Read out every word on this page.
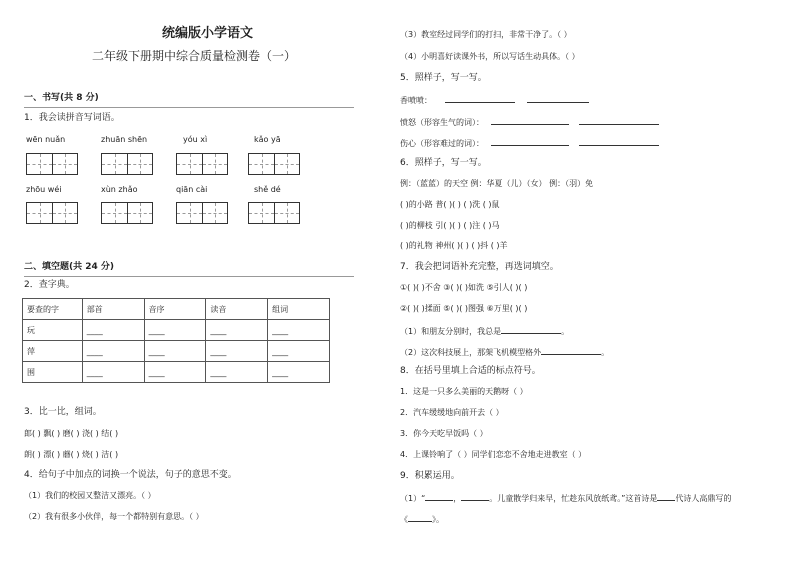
统编版小学语文
二年级下册期中综合质量检测卷（一）
一、书写(共 8 分)
1．我会读拼音写词语。
wēn nuǎn	zhuān shēn	yóu xì	kǎo yā
zhōu wéi	xùn zhǎo	qiān cài	shě dé
二、填空题(共 24 分)
2．查字典。
要查的字	部首	音序	读音	组词
玩	____	____	____	____
萍	____	____	____	____
围	____	____	____	____
3．比一比，组词。
郎( ) 飘( ) 磨( ) 浇( ) 结( )
朗( ) 漂( ) 蘑( ) 烧( ) 洁( )
4．给句子中加点的词换一个说法，句子的意思不变。
（1）我们的校园又整洁又漂亮。（ ）
（2）我有很多小伙伴，每一个都特别有意思。（ ）
（3）教室经过同学们的打扫，非常干净了。（ ）
（4）小明喜好读课外书，所以写话生动具体。（ ）
5．照样子，写一写。
香喷喷：
愤怒（形容生气的词）：
伤心（形容难过的词）：
6．照样子，写一写。
例：（蓝蓝）的天空 例：华夏（儿）（女） 例：（羽）免
( )的小路 普( )( ) ( )洗 ( )鼠
( )的柳枝 引( )( ) ( )注 ( )马
( )的礼物 神州( )( ) ( )抖 ( )羊
7．我会把词语补充完整，再选词填空。
①( )( )不舍 ③( )( )如洗 ⑤引人( )( )
②( )( )揉面 ⑤( )( )图强 ⑥万里( )( )
（1）和朋友分别时，我总是	。
（2）这次科技展上，那架飞机模型格外	。
8．在括号里填上合适的标点符号。
1．这是一只多么美丽的天鹅呀（ ）
2．汽车缓缓地向前开去（ ）
3．你今天吃早饭吗（ ）
4．上课铃响了（ ）同学们恋恋不舍地走进教室（ ）
9．积累运用。
（1）“	，	。儿童散学归来早，忙趁东风放纸鸢。”这首诗是 代诗人高鼎写的
《	》。
